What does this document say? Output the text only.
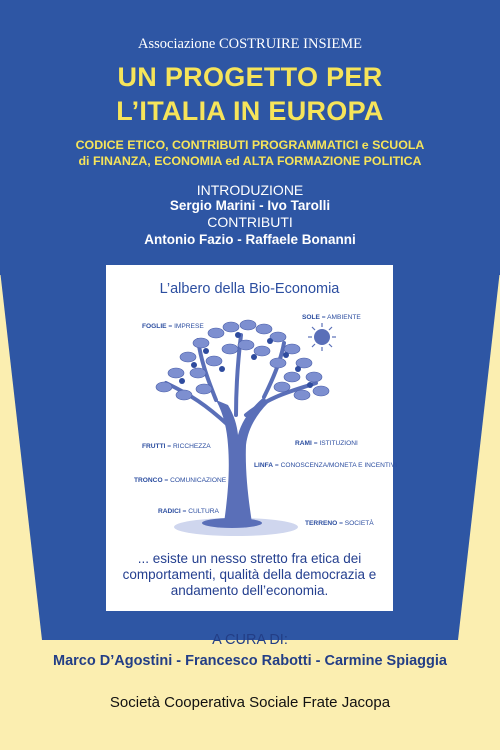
Associazione COSTRUIRE INSIEME
UN PROGETTO PER
L’ITALIA IN EUROPA
CODICE ETICO, CONTRIBUTI PROGRAMMATICI e SCUOLA
di FINANZA, ECONOMIA ed ALTA FORMAZIONE POLITICA
INTRODUZIONE
Sergio Marini - Ivo Tarolli
CONTRIBUTI
Antonio Fazio - Raffaele Bonanni
L’albero della Bio-Economia
FOGLIE = IMPRESE
SOLE = AMBIENTE
FRUTTI = RICCHEZZA	RAMI = ISTITUZIONI
LINFA = CONOSCENZA/MONETA E INCENTIVI
TRONCO = COMUNICAZIONE
RADICI = CULTURA
TERRENO = SOCIETÀ
... esiste un nesso stretto fra etica dei
comportamenti, qualità della democrazia e
andamento dell’economia.
A CURA DI:
Marco D’Agostini - Francesco Rabotti - Carmine Spiaggia
Società Cooperativa Sociale Frate Jacopa
